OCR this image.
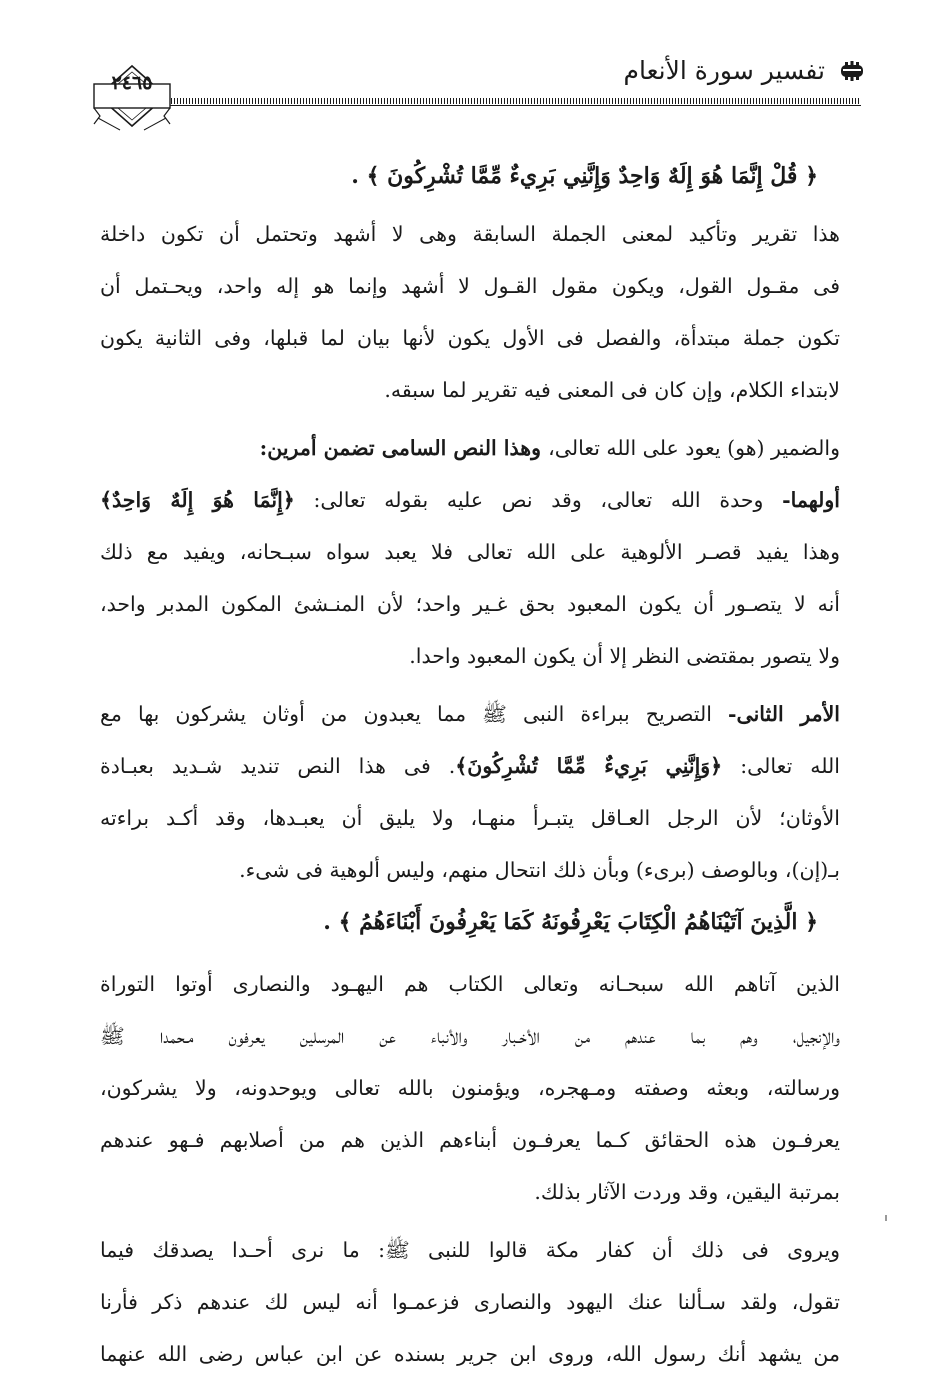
تفسير سورة الأنعام
٢٤٦٥
﴿ قُلْ إِنَّمَا هُوَ إِلَهٌ وَاحِدٌ وَإِنَّنِي بَرِيءٌ مِّمَّا تُشْرِكُونَ ﴾ .
هذا تقرير وتأكيد لمعنى الجملة السابقة وهى لا أشهد وتحتمل أن تكون داخلة
فى مقـول القول، ويكون مقول القـول لا أشهد وإنما هو إله واحد، ويحـتمل أن
تكون جملة مبتدأة، والفصل فى الأول يكون لأنها بيان لما قبلها، وفى الثانية يكون
لابتداء الكلام، وإن كان فى المعنى فيه تقرير لما سبقه.
والضمير (هو) يعود على الله تعالى، وهذا النص السامى تضمن أمرين:
أولهما- وحدة الله تعالى، وقد نص عليه بقوله تعالى: ﴿إِنَّمَا هُوَ إِلَهٌ وَاحِدٌ﴾
وهذا يفيد قصـر الألوهية على الله تعالى فلا يعبد سواه سبـحانه، ويفيد مع ذلك
أنه لا يتصـور أن يكون المعبود بحق غـير واحد؛ لأن المنـشئ المكون المدبر واحد،
ولا يتصور بمقتضى النظر إلا أن يكون المعبود واحدا.
الأمر الثانى- التصريح ببراءة النبى ﷺ مما يعبدون من أوثان يشركون بها مع
الله تعالى: ﴿وَإِنَّنِي بَرِيءٌ مِّمَّا تُشْرِكُونَ﴾. فى هذا النص تنديد شـديد بعبـادة
الأوثان؛ لأن الرجل العـاقل يتبـرأ منهـا، ولا يليق أن يعبـدها، وقد أكـد براءته
بـ(إن)، وبالوصف (برىء) وبأن ذلك انتحال منهم، وليس ألوهية فى شىء.
﴿ الَّذِينَ آتَيْنَاهُمُ الْكِتَابَ يَعْرِفُونَهُ كَمَا يَعْرِفُونَ أَبْنَاءَهُمُ ﴾ .
الذين آتاهم الله سبحـانه وتعالى الكتاب هم اليهـود والنصارى أوتوا التوراة
والإنجيل، وهم بما عندهم من الأخـبار والأنباء عن المرسلين يعرفون مـحمدا ﷺ
ورسالته، وبعثه وصفته ومـهجره، ويؤمنون بالله تعالى ويوحدونه، ولا يشركون،
يعرفـون هذه الحقائق كـما يعرفـون أبناءهم الذين هم من أصلابهم فـهو عندهم
بمرتبة اليقين، وقد وردت الآثار بذلك.
ويروى فى ذلك أن كفار مكة قالوا للنبى ﷺ: ما نرى أحـدا يصدقك فيما
تقول، ولقد سـألنا عنك اليهود والنصارى فزعمـوا أنه ليس لك عندهم ذكر فأرنا
من يشهد أنك رسول الله، وروى ابن جرير بسنده عن ابن عباس رضى الله عنهما
